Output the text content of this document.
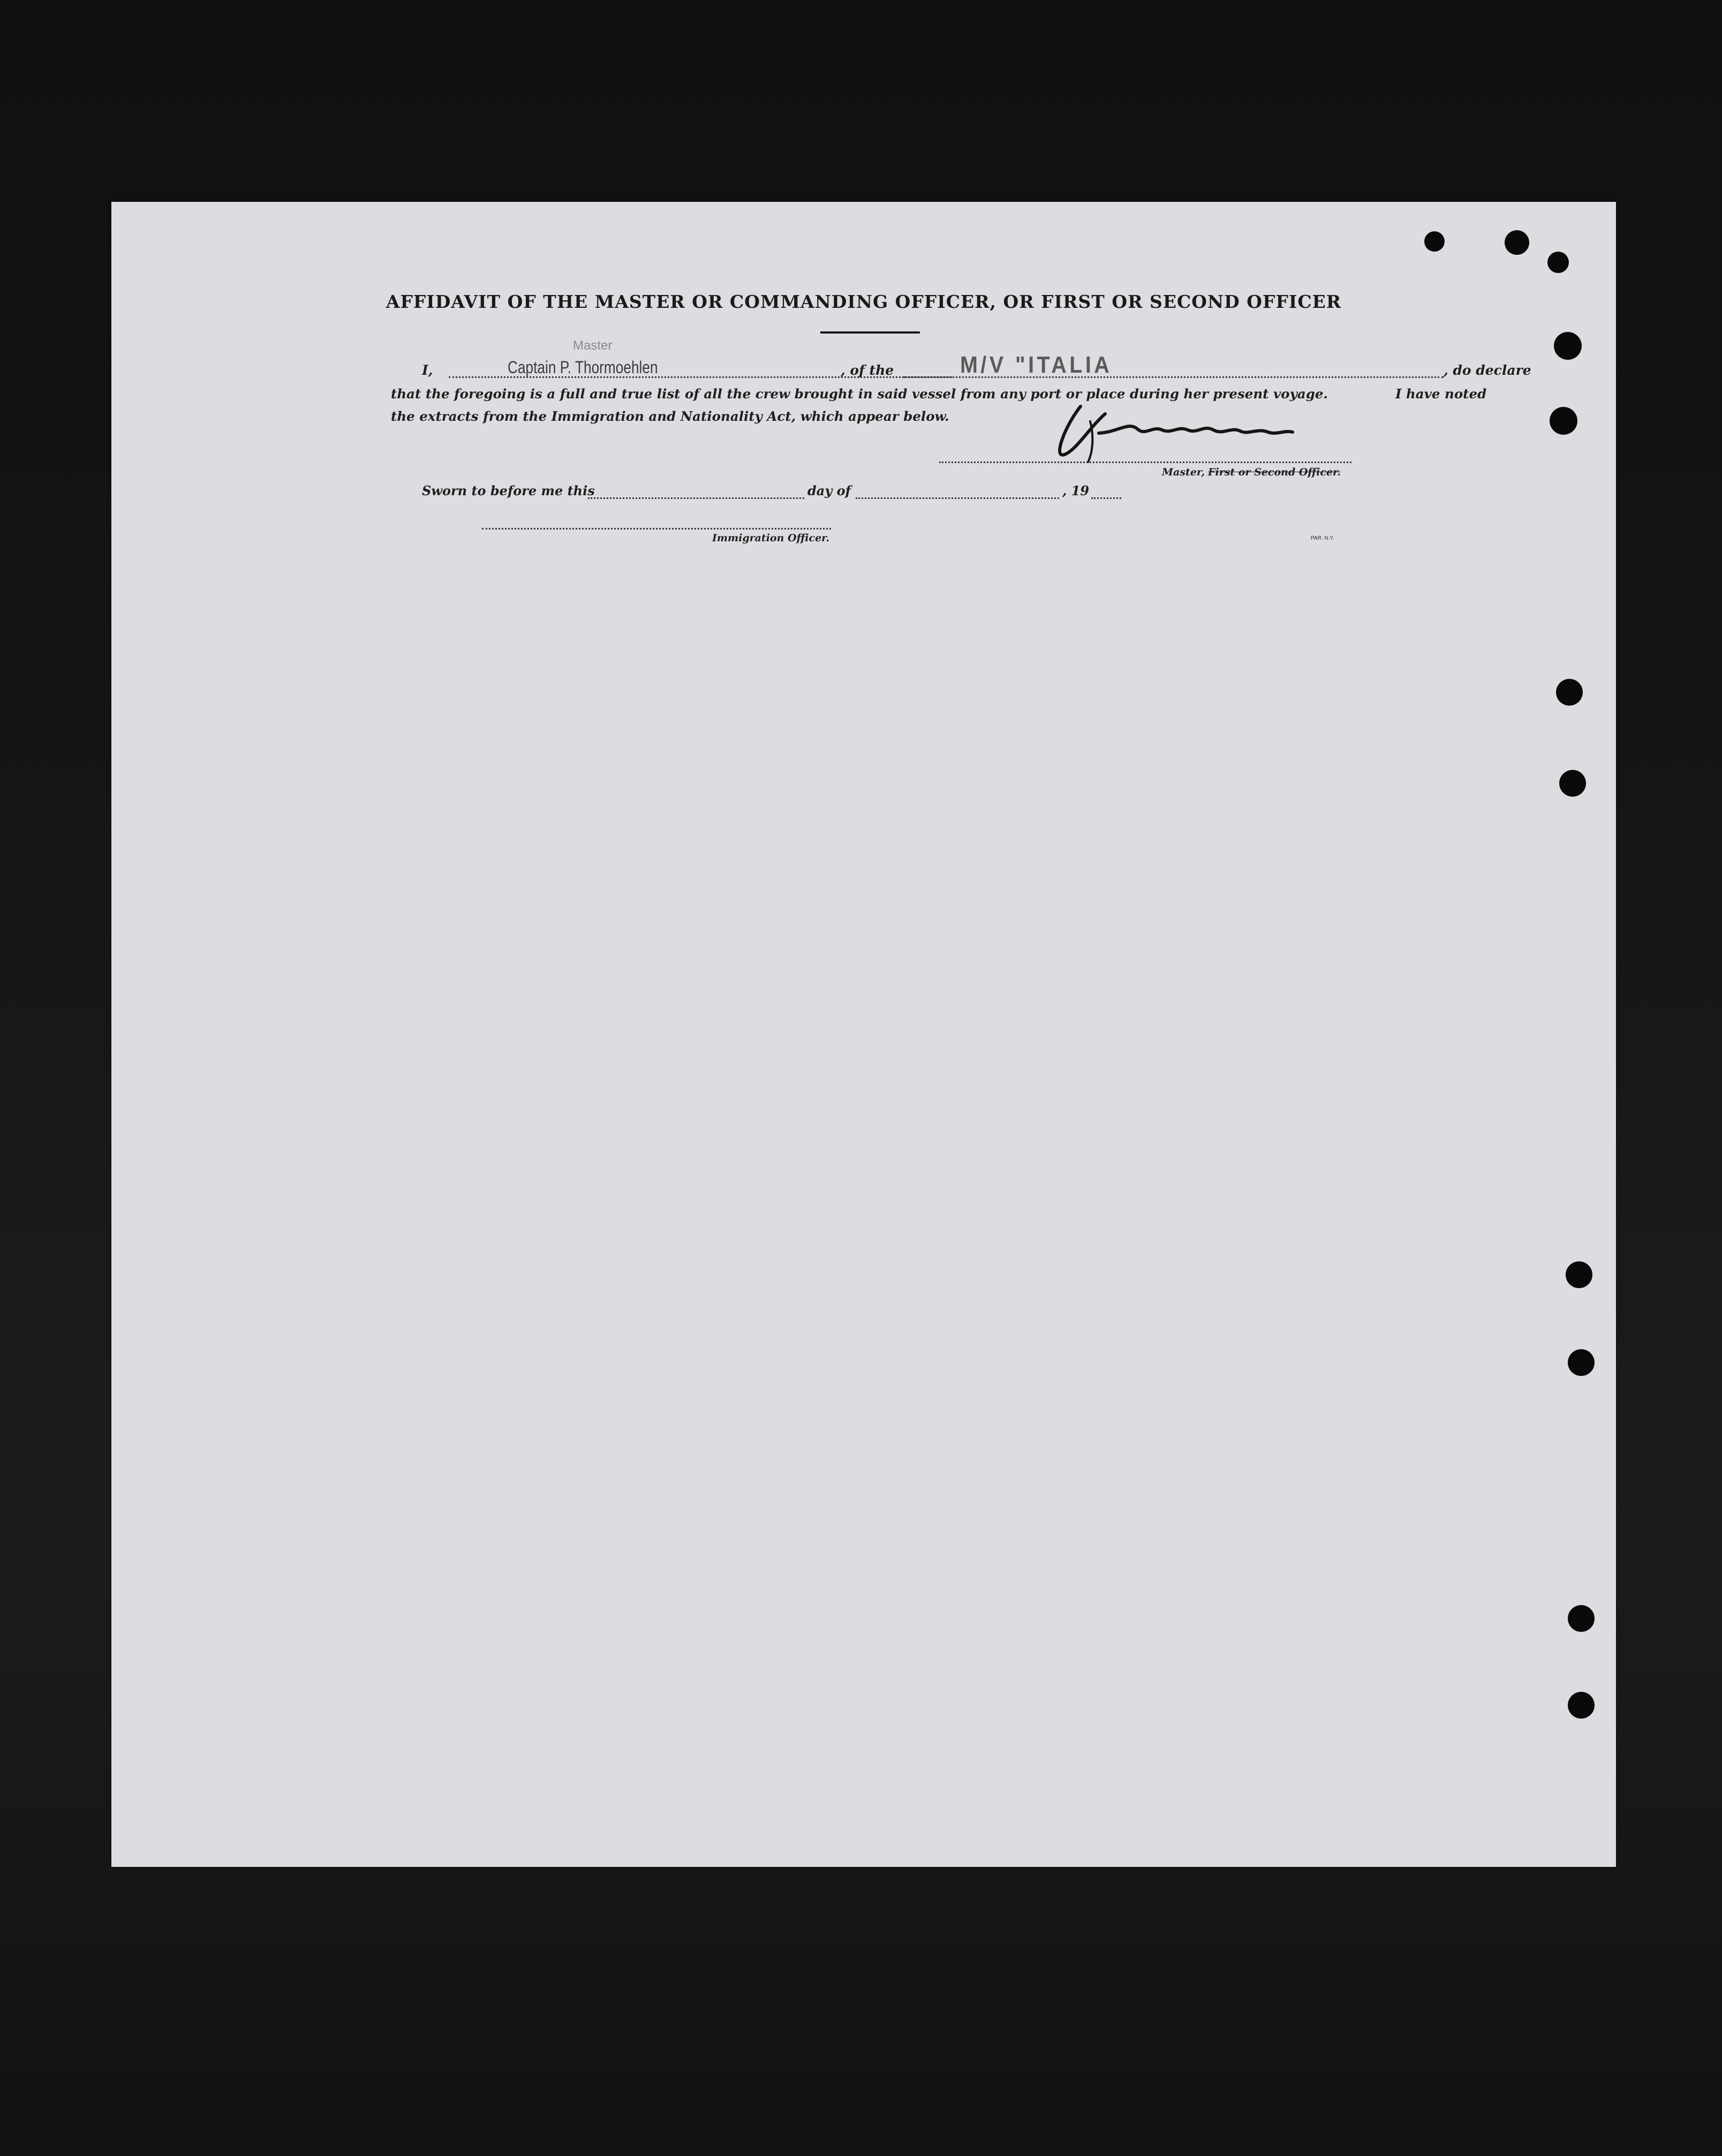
AFFIDAVIT OF THE MASTER OR COMMANDING OFFICER, OR FIRST OR SECOND OFFICER
I,
Master
Captain P. Thormoehlen	, of the	M/V "ITALIA	, do declare
that the foregoing is a full and true list of all the crew brought in said vessel from any port or place during her present voyage.	I have noted
the extracts from the Immigration and Nationality Act, which appear below.	Thormoehlen
Master, First or Second Officer.
Sworn to before me this	day of	, 19
Immigration Officer.	PAR. N.Y.
